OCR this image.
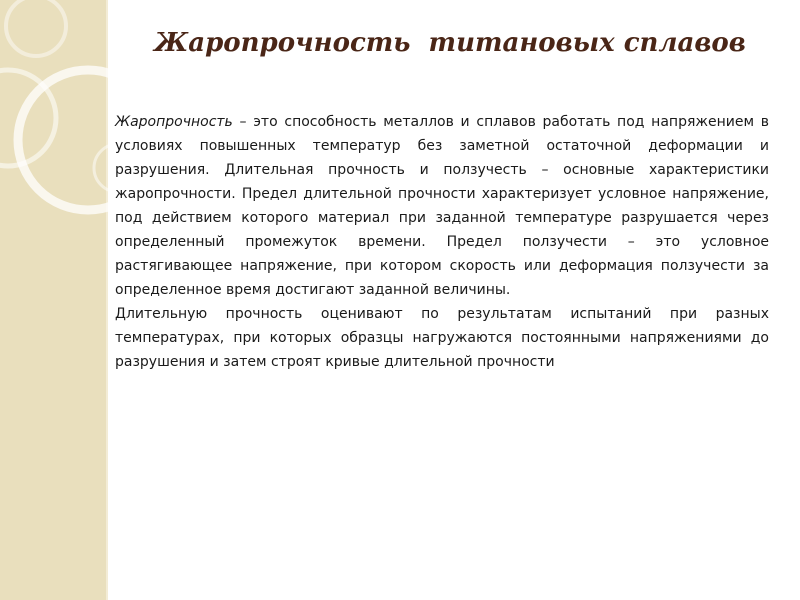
Жаропрочность  титановых сплавов

Жаропрочность – это способность металлов и сплавов работать под напряжением в условиях повышенных температур без заметной остаточной деформации и разрушения. Длительная прочность и ползучесть – основные характеристики жаропрочности. Предел длительной прочности характеризует условное напряжение, под действием которого материал при заданной температуре разрушается через определенный промежуток времени. Предел ползучести – это условное растягивающее напряжение, при котором скорость или деформация ползучести за определенное время достигают заданной величины.

Длительную прочность оценивают по результатам испытаний при разных температурах, при которых образцы нагружаются постоянными напряжениями до разрушения и затем строят кривые длительной прочности
